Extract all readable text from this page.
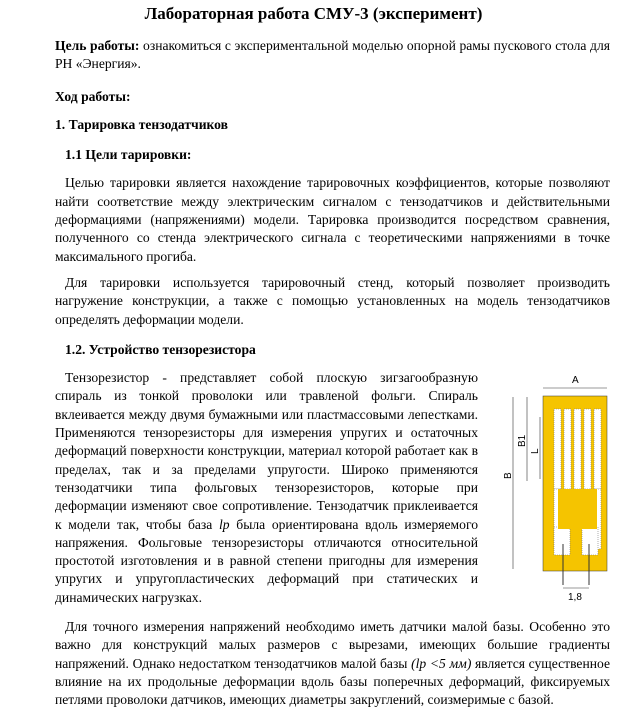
Лабораторная работа СМУ-3 (эксперимент)

Цель работы: ознакомиться с экспериментальной моделью опорной рамы пускового стола для РН «Энергия».

Ход работы:
1. Тарировка тензодатчиков
1.1 Цели тарировки:

Целью тарировки является нахождение тарировочных коэффициентов, которые позволяют найти соответствие между электрическим сигналом с тензодатчиков и действительными деформациями (напряжениями) модели. Тарировка производится посредством сравнения, полученного со стенда электрического сигнала с теоретическими напряжениями в точке максимального прогиба.

Для тарировки используется тарировочный стенд, который позволяет производить нагружение конструкции, а также с помощью установленных на модель тензодатчиков определять деформации модели.

1.2. Устройство тензорезистора
A
B
B1
L
1,8

Тензорезистор - представляет собой плоскую зигзагообразную спираль из тонкой проволоки или травленой фольги. Спираль вклеивается между двумя бумажными или пластмассовыми лепестками. Применяются тензорезисторы для измерения упругих и остаточных деформаций поверхности конструкции, материал которой работает как в пределах, так и за пределами упругости. Широко применяются тензодатчики типа фольговых тензорезисторов, которые при деформации изменяют свое сопротивление. Тензодатчик приклеивается к модели так, чтобы база lр была ориентирована вдоль измеряемого напряжения. Фольговые тензорезисторы отличаются относительной простотой изготовления и в равной степени пригодны для измерения упругих и упругопластических деформаций при статических и динамических нагрузках.

Для точного измерения напряжений необходимо иметь датчики малой базы. Особенно это важно для конструкций малых размеров с вырезами, имеющих большие градиенты напряжений. Однако недостатком тензодатчиков малой базы (lр <5 мм) является существенное влияние на их продольные деформации вдоль базы поперечных деформаций, фиксируемых петлями проволоки датчиков, имеющих диаметры закруглений, соизмеримые с базой.
